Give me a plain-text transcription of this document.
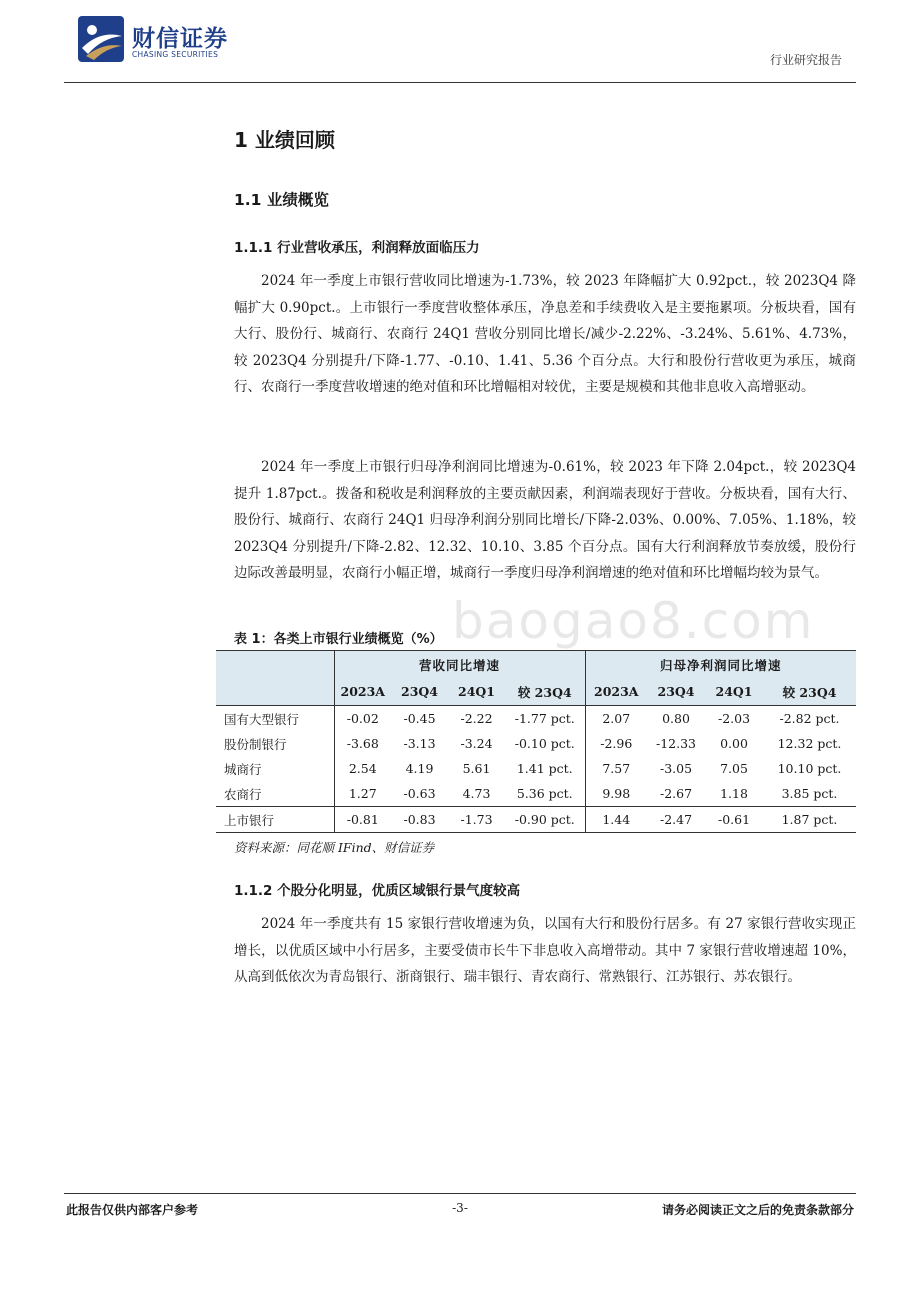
财信证券
CHASING SECURITIES	行业研究报告
1 业绩回顾
1.1 业绩概览
1.1.1 行业营收承压，利润释放面临压力
2024 年一季度上市银行营收同比增速为-1.73%，较 2023 年降幅扩大 0.92pct.，较 2023Q4 降幅扩大 0.90pct.。上市银行一季度营收整体承压，净息差和手续费收入是主要拖累项。分板块看，国有大行、股份行、城商行、农商行 24Q1 营收分别同比增长/减少-2.22%、-3.24%、5.61%、4.73%，较 2023Q4 分别提升/下降-1.77、-0.10、1.41、5.36 个百分点。大行和股份行营收更为承压，城商行、农商行一季度营收增速的绝对值和环比增幅相对较优，主要是规模和其他非息收入高增驱动。
2024 年一季度上市银行归母净利润同比增速为-0.61%，较 2023 年下降 2.04pct.，较 2023Q4 提升 1.87pct.。拨备和税收是利润释放的主要贡献因素，利润端表现好于营收。分板块看，国有大行、股份行、城商行、农商行 24Q1 归母净利润分别同比增长/下降-2.03%、0.00%、7.05%、1.18%，较 2023Q4 分别提升/下降-2.82、12.32、10.10、3.85 个百分点。国有大行利润释放节奏放缓，股份行边际改善最明显，农商行小幅正增，城商行一季度归母净利润增速的绝对值和环比增幅均较为景气。
baogao8.com
表 1：各类上市银行业绩概览（%）
	营收同比增速				归母净利润同比增速			
	2023A	23Q4	24Q1	较 23Q4	2023A	23Q4	24Q1	较 23Q4
国有大型银行	-0.02	-0.45	-2.22	-1.77 pct.	2.07	0.80	-2.03	-2.82 pct.
股份制银行	-3.68	-3.13	-3.24	-0.10 pct.	-2.96	-12.33	0.00	12.32 pct.
城商行	2.54	4.19	5.61	1.41 pct.	7.57	-3.05	7.05	10.10 pct.
农商行	1.27	-0.63	4.73	5.36 pct.	9.98	-2.67	1.18	3.85 pct.
上市银行	-0.81	-0.83	-1.73	-0.90 pct.	1.44	-2.47	-0.61	1.87 pct.
资料来源：同花顺 IFind、财信证券
1.1.2 个股分化明显，优质区域银行景气度较高
2024 年一季度共有 15 家银行营收增速为负，以国有大行和股份行居多。有 27 家银行营收实现正增长，以优质区域中小行居多，主要受债市长牛下非息收入高增带动。其中 7 家银行营收增速超 10%，从高到低依次为青岛银行、浙商银行、瑞丰银行、青农商行、常熟银行、江苏银行、苏农银行。
此报告仅供内部客户参考	-3-	请务必阅读正文之后的免责条款部分
